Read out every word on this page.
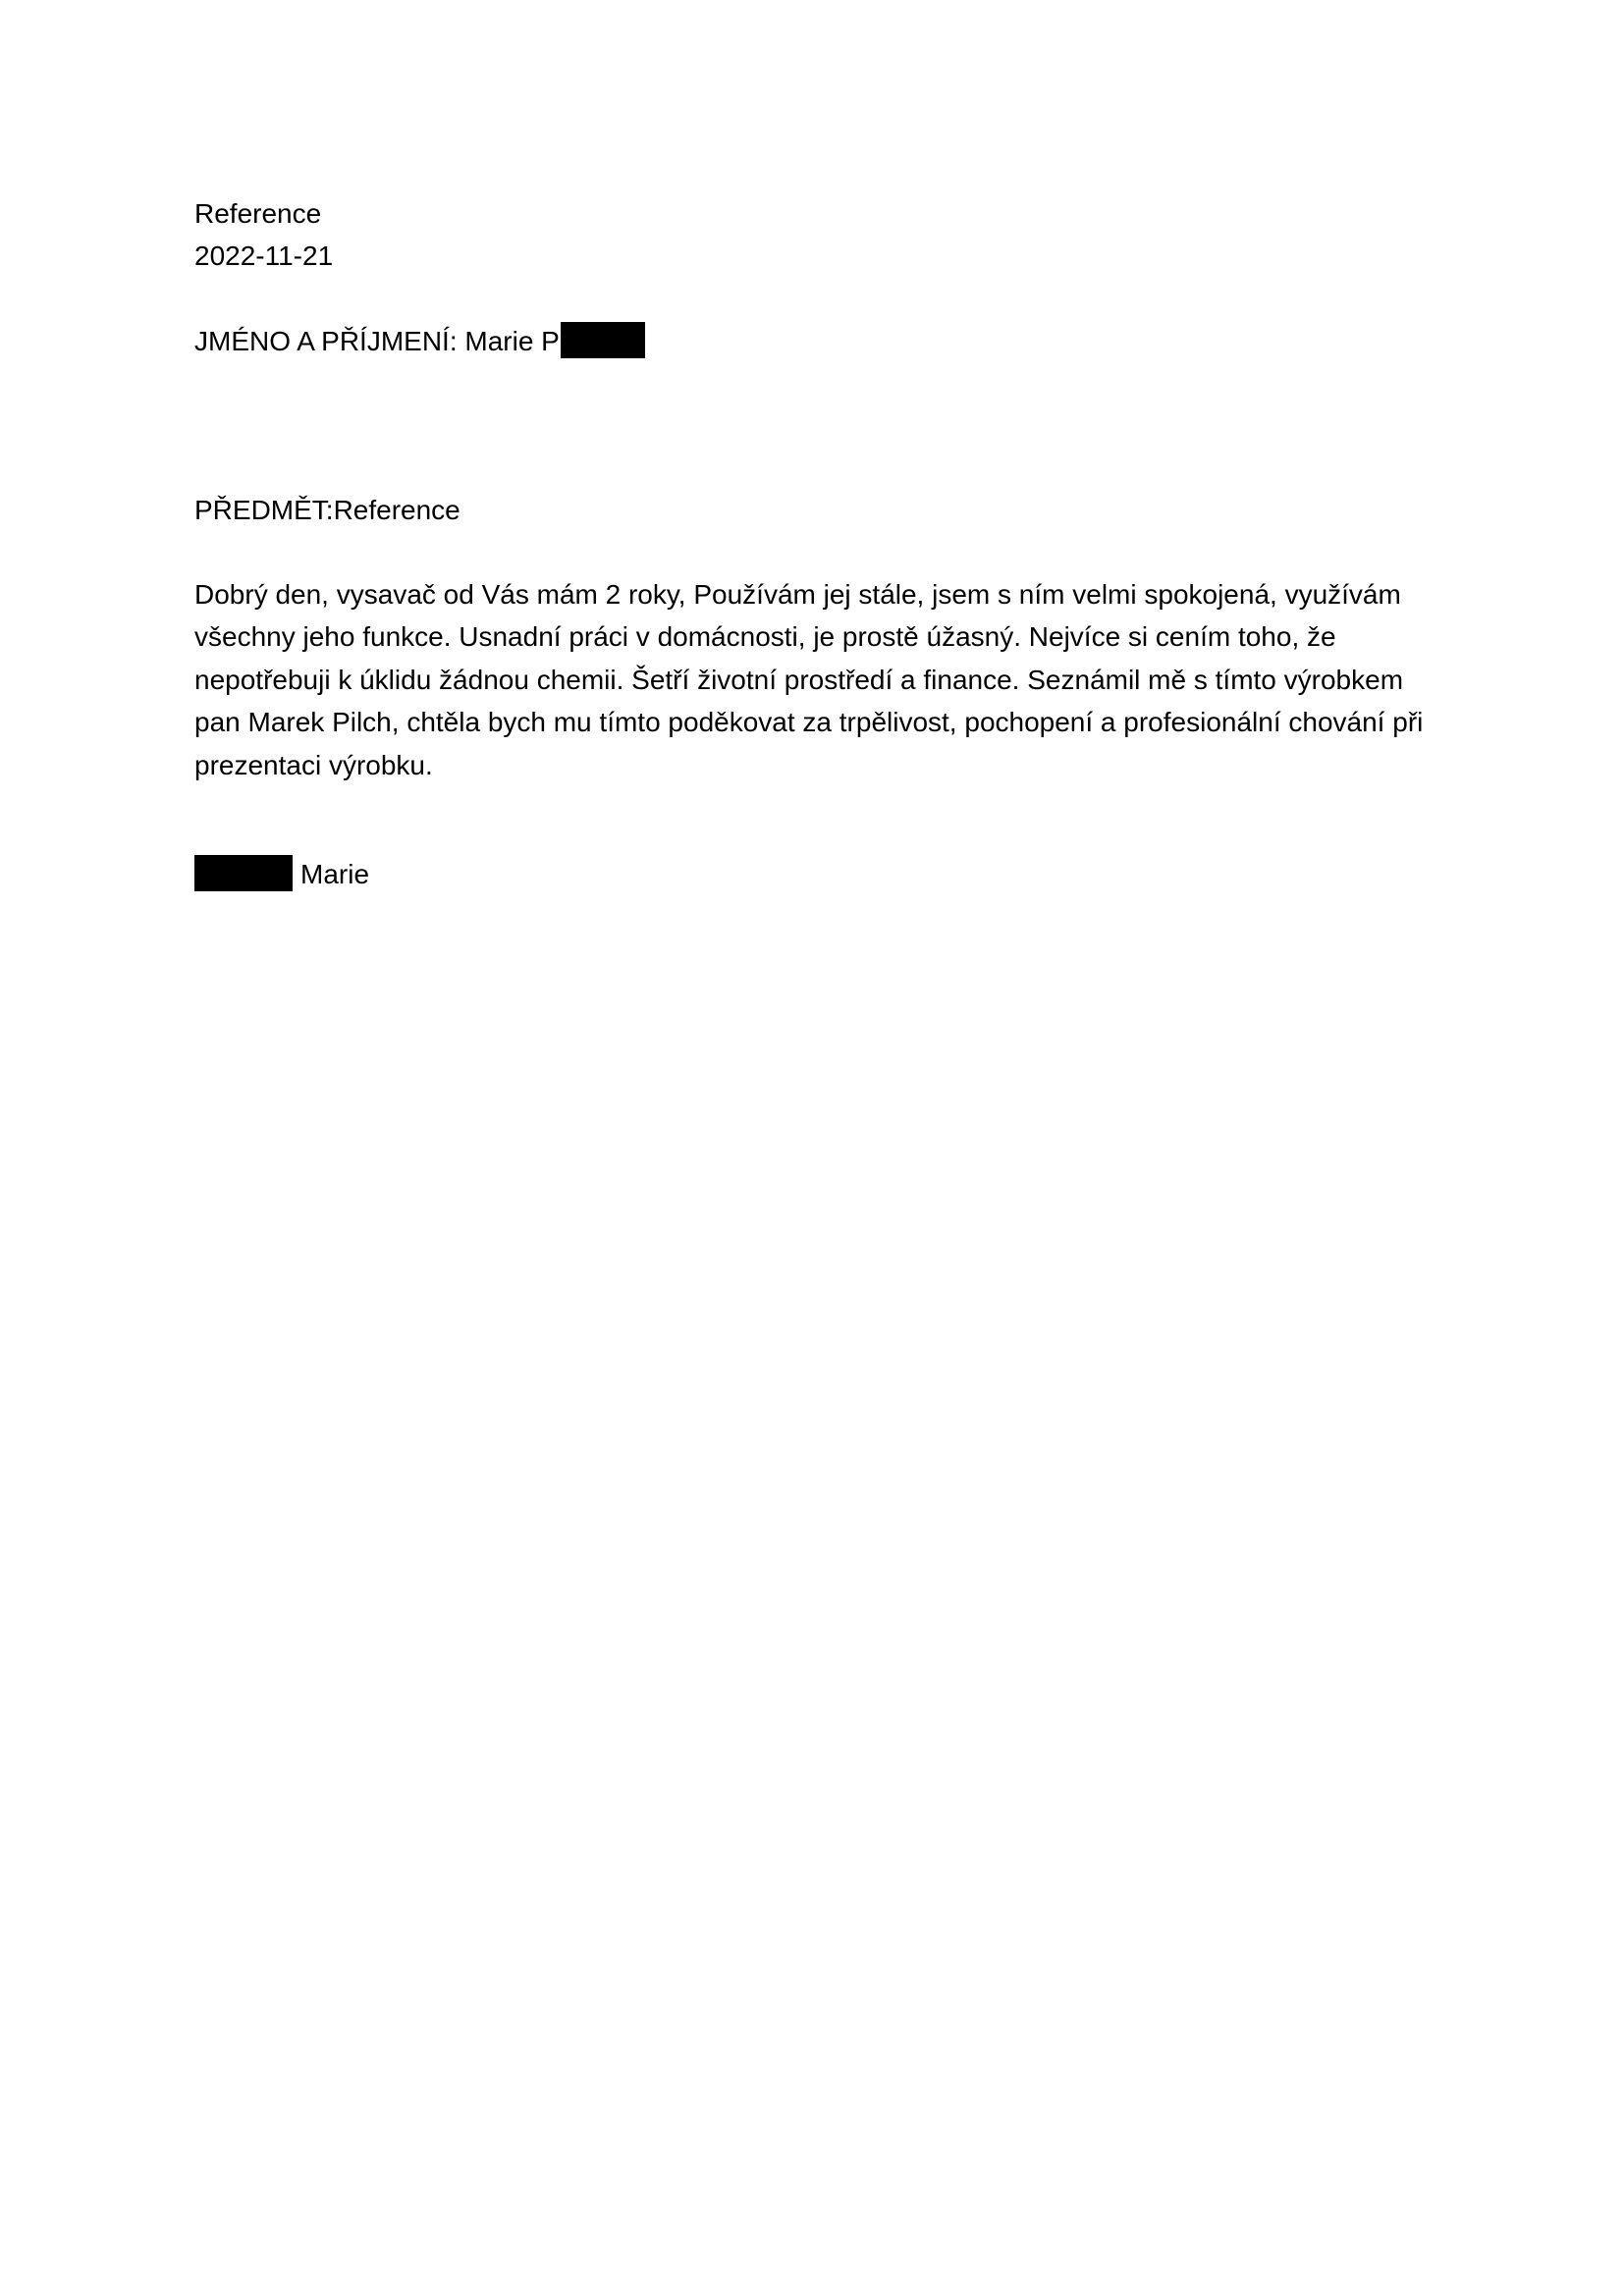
Reference
2022-11-21
JMÉNO A PŘÍJMENÍ: Marie P
PŘEDMĚT:Reference
Dobrý den, vysavač od Vás mám 2 roky, Používám jej stále, jsem s ním velmi spokojená, využívám
všechny jeho funkce. Usnadní práci v domácnosti, je prostě úžasný. Nejvíce si cením toho, že
nepotřebuji k úklidu žádnou chemii. Šetří životní prostředí a finance. Seznámil mě s tímto výrobkem
pan Marek Pilch, chtěla bych mu tímto poděkovat za trpělivost, pochopení a profesionální chování při
prezentaci výrobku.
Marie
